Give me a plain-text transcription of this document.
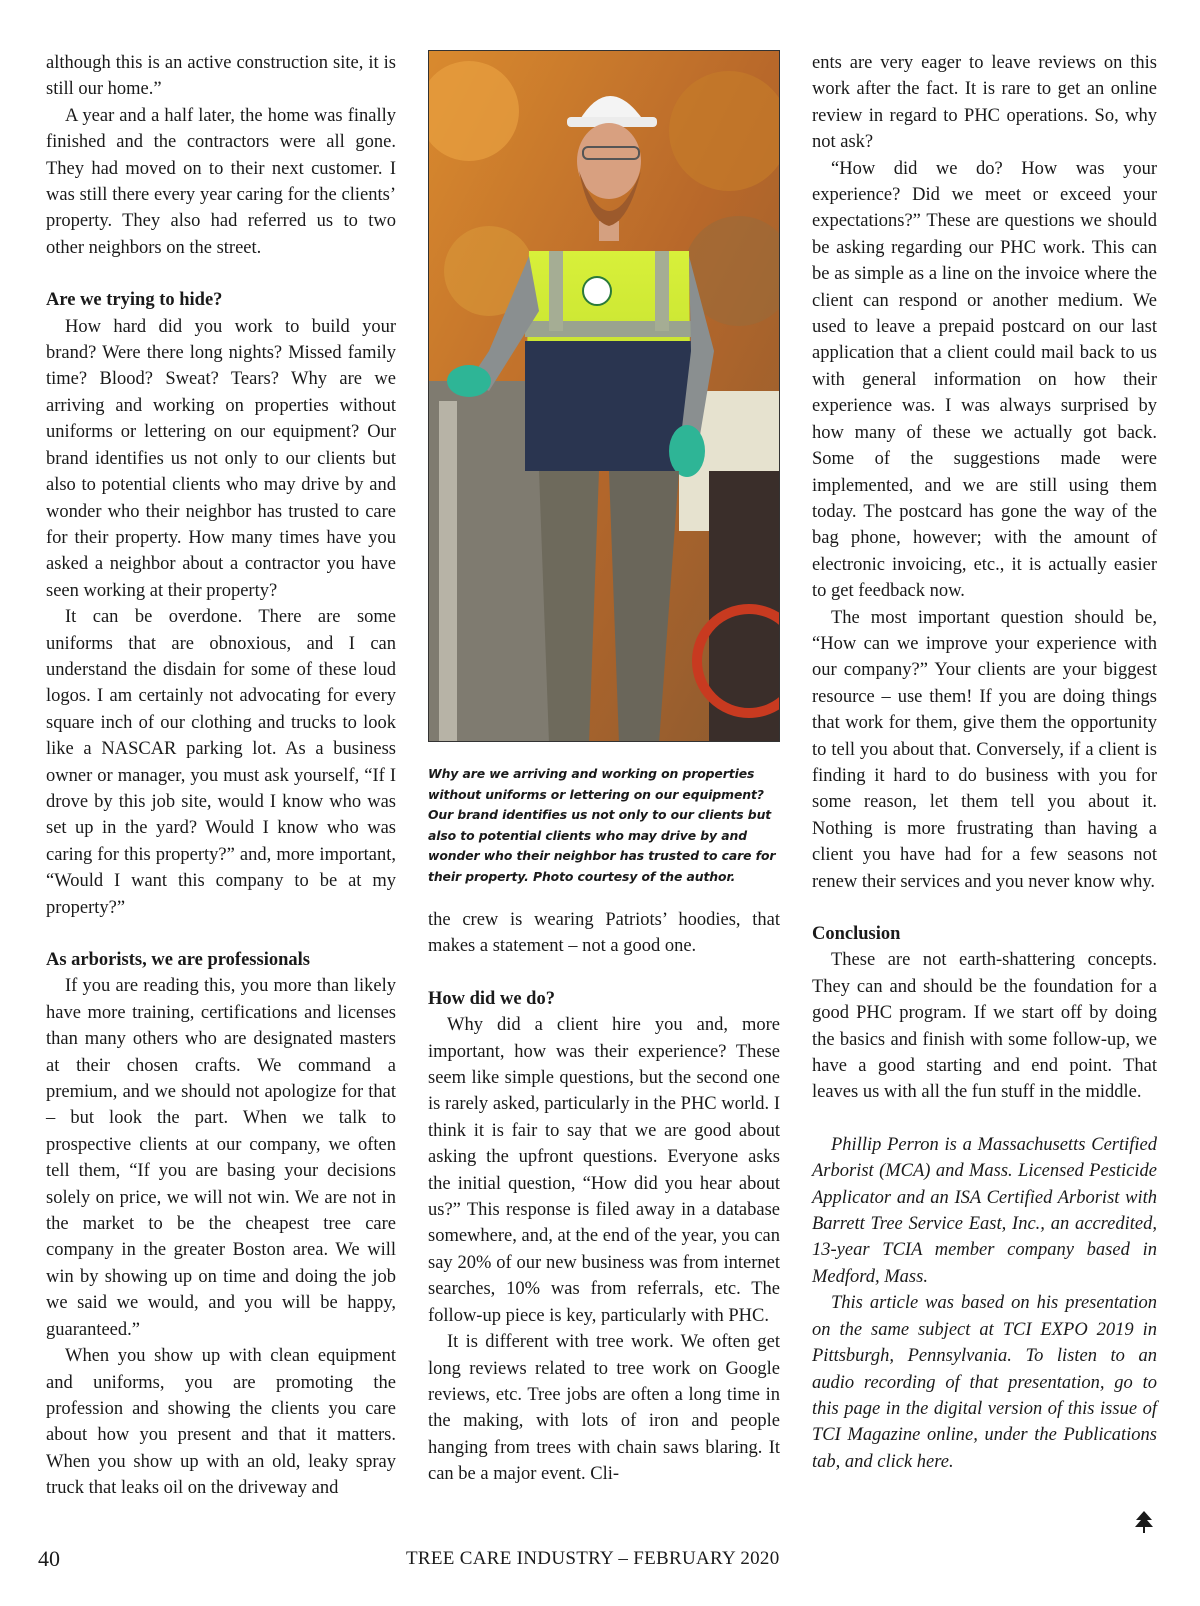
although this is an active construction site, it is still our home.”

A year and a half later, the home was finally finished and the contractors were all gone. They had moved on to their next customer. I was still there every year caring for the clients’ property. They also had referred us to two other neighbors on the street.

Are we trying to hide?

How hard did you work to build your brand? Were there long nights? Missed family time? Blood? Sweat? Tears? Why are we arriving and working on properties without uniforms or lettering on our equipment? Our brand identifies us not only to our clients but also to potential clients who may drive by and wonder who their neighbor has trusted to care for their property. How many times have you asked a neighbor about a contractor you have seen working at their property?

It can be overdone. There are some uniforms that are obnoxious, and I can understand the disdain for some of these loud logos. I am certainly not advocating for every square inch of our clothing and trucks to look like a NASCAR parking lot. As a business owner or manager, you must ask yourself, “If I drove by this job site, would I know who was set up in the yard? Would I know who was caring for this property?” and, more important, “Would I want this company to be at my property?”

As arborists, we are professionals

If you are reading this, you more than likely have more training, certifications and licenses than many others who are designated masters at their chosen crafts. We command a premium, and we should not apologize for that – but look the part. When we talk to prospective clients at our company, we often tell them, “If you are basing your decisions solely on price, we will not win. We are not in the market to be the cheapest tree care company in the greater Boston area. We will win by showing up on time and doing the job we said we would, and you will be happy, guaranteed.”

When you show up with clean equipment and uniforms, you are promoting the profession and showing the clients you care about how you present and that it matters. When you show up with an old, leaky spray truck that leaks oil on the driveway and

Why are we arriving and working on properties without uniforms or lettering on our equipment? Our brand identifies us not only to our clients but also to potential clients who may drive by and wonder who their neighbor has trusted to care for their property. Photo courtesy of the author.

the crew is wearing Patriots’ hoodies, that makes a statement – not a good one.

How did we do?

Why did a client hire you and, more important, how was their experience? These seem like simple questions, but the second one is rarely asked, particularly in the PHC world. I think it is fair to say that we are good about asking the upfront questions. Everyone asks the initial question, “How did you hear about us?” This response is filed away in a database somewhere, and, at the end of the year, you can say 20% of our new business was from internet searches, 10% was from referrals, etc. The follow-up piece is key, particularly with PHC.

It is different with tree work. We often get long reviews related to tree work on Google reviews, etc. Tree jobs are often a long time in the making, with lots of iron and people hanging from trees with chain saws blaring. It can be a major event. Cli-

ents are very eager to leave reviews on this work after the fact. It is rare to get an online review in regard to PHC operations. So, why not ask?

“How did we do? How was your experience? Did we meet or exceed your expectations?” These are questions we should be asking regarding our PHC work. This can be as simple as a line on the invoice where the client can respond or another medium. We used to leave a prepaid postcard on our last application that a client could mail back to us with general information on how their experience was. I was always surprised by how many of these we actually got back. Some of the suggestions made were implemented, and we are still using them today. The postcard has gone the way of the bag phone, however; with the amount of electronic invoicing, etc., it is actually easier to get feedback now.

The most important question should be, “How can we improve your experience with our company?” Your clients are your biggest resource – use them! If you are doing things that work for them, give them the opportunity to tell you about that. Conversely, if a client is finding it hard to do business with you for some reason, let them tell you about it. Nothing is more frustrating than having a client you have had for a few seasons not renew their services and you never know why.

Conclusion

These are not earth-shattering concepts. They can and should be the foundation for a good PHC program. If we start off by doing the basics and finish with some follow-up, we have a good starting and end point. That leaves us with all the fun stuff in the middle.

Phillip Perron is a Massachusetts Certified Arborist (MCA) and Mass. Licensed Pesticide Applicator and an ISA Certified Arborist with Barrett Tree Service East, Inc., an accredited, 13-year TCIA member company based in Medford, Mass.

This article was based on his presentation on the same subject at TCI EXPO 2019 in Pittsburgh, Pennsylvania. To listen to an audio recording of that presentation, go to this page in the digital version of this issue of TCI Magazine online, under the Publications tab, and click here.

40	TREE CARE INDUSTRY – FEBRUARY 2020
